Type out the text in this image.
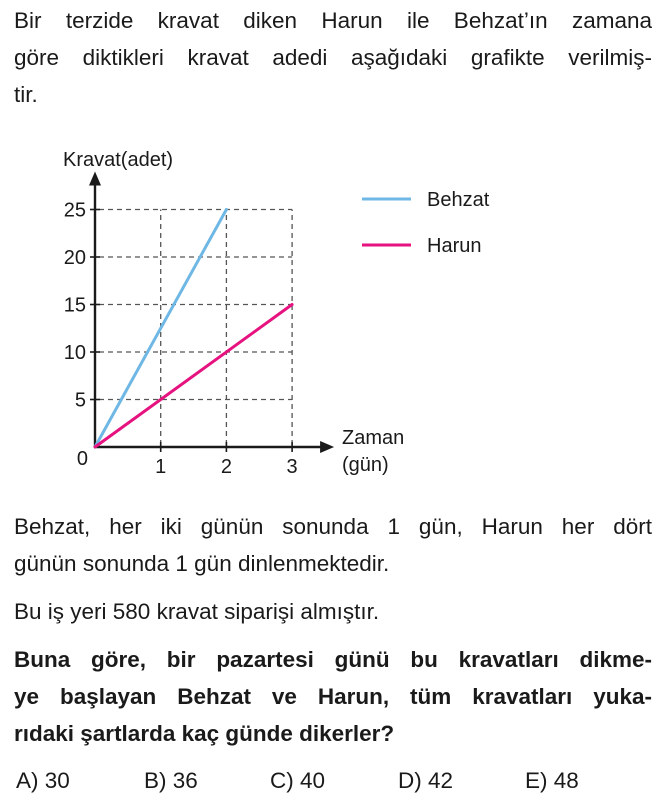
Bir terzide kravat diken Harun ile Behzat’ın zamana
göre diktikleri kravat adedi aşağıdaki grafikte verilmiş-
tir.

5
10
15
20
25
1	2	3
0
Kravat(adet)
Zaman
(gün)
Behzat
Harun

Behzat, her iki günün sonunda 1 gün, Harun her dört
günün sonunda 1 gün dinlenmektedir.

Bu iş yeri 580 kravat siparişi almıştır.

Buna göre, bir pazartesi günü bu kravatları dikme-
ye başlayan Behzat ve Harun, tüm kravatları yuka-
rıdaki şartlarda kaç günde dikerler?

A) 30	B) 36	C) 40	D) 42	E) 48
